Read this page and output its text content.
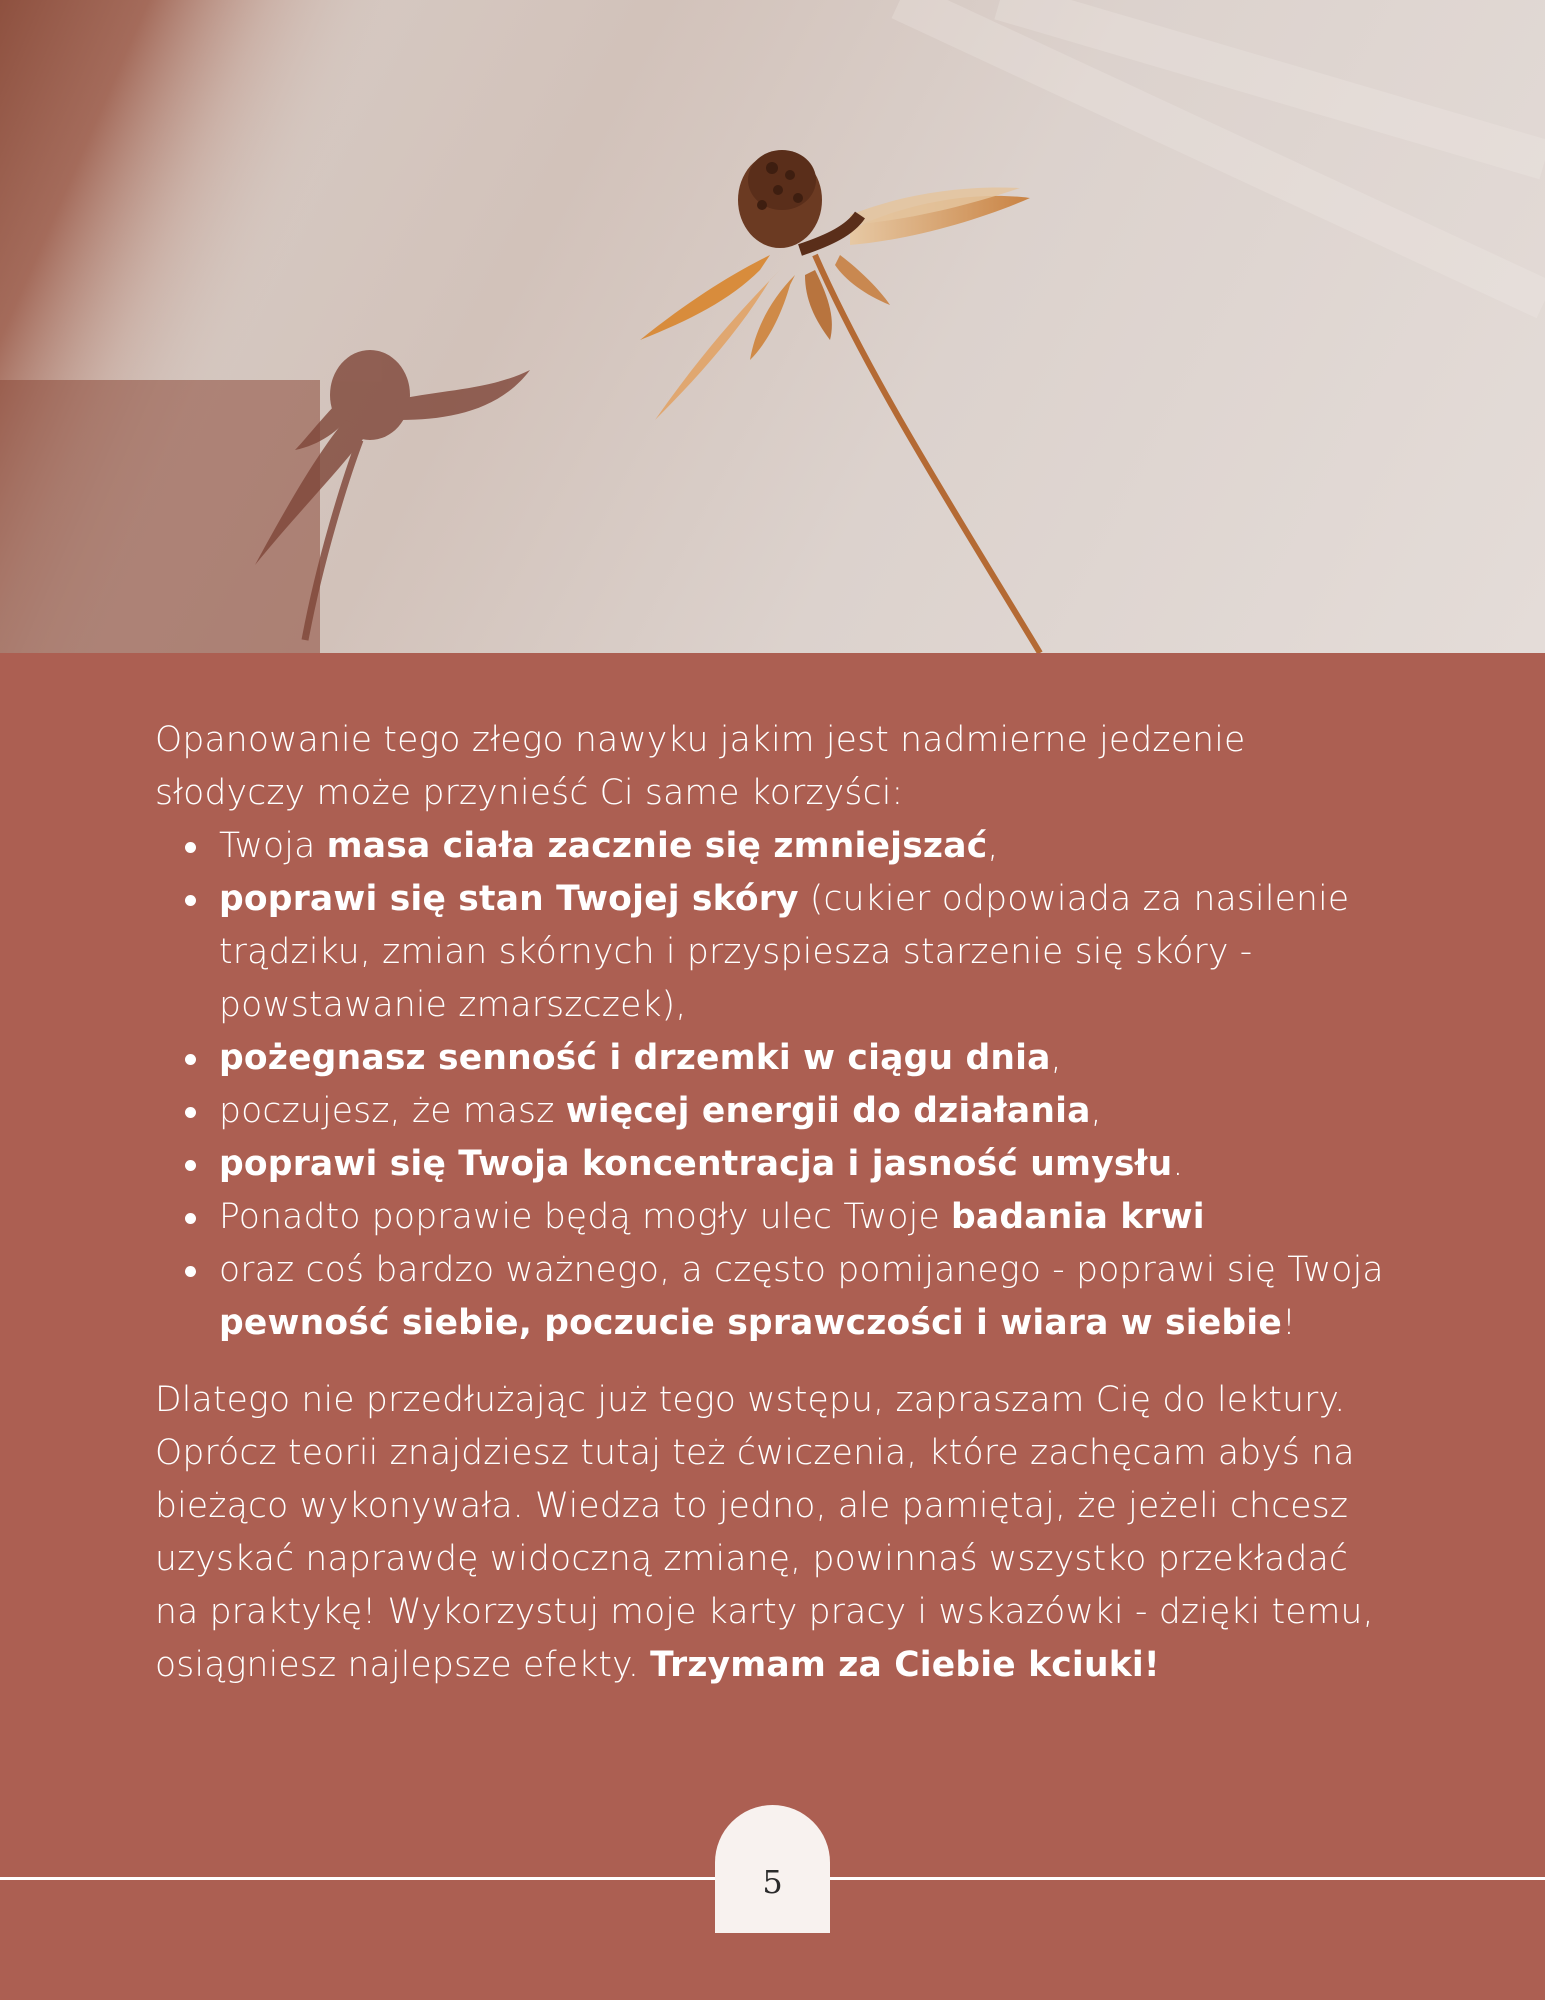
Opanowanie tego złego nawyku jakim jest nadmierne jedzenie słodyczy może przynieść Ci same korzyści:

Twoja masa ciała zacznie się zmniejszać,
poprawi się stan Twojej skóry (cukier odpowiada za nasilenie trądziku, zmian skórnych i przyspiesza starzenie się skóry - powstawanie zmarszczek),
pożegnasz senność i drzemki w ciągu dnia,
poczujesz, że masz więcej energii do działania,
poprawi się Twoja koncentracja i jasność umysłu.
Ponadto poprawie będą mogły ulec Twoje badania krwi
oraz coś bardzo ważnego, a często pomijanego - poprawi się Twoja pewność siebie, poczucie sprawczości i wiara w siebie!

Dlatego nie przedłużając już tego wstępu, zapraszam Cię do lektury. Oprócz teorii znajdziesz tutaj też ćwiczenia, które zachęcam abyś na bieżąco wykonywała. Wiedza to jedno, ale pamiętaj, że jeżeli chcesz uzyskać naprawdę widoczną zmianę, powinnaś wszystko przekładać na praktykę! Wykorzystuj moje karty pracy i wskazówki - dzięki temu, osiągniesz najlepsze efekty. Trzymam za Ciebie kciuki!

5
